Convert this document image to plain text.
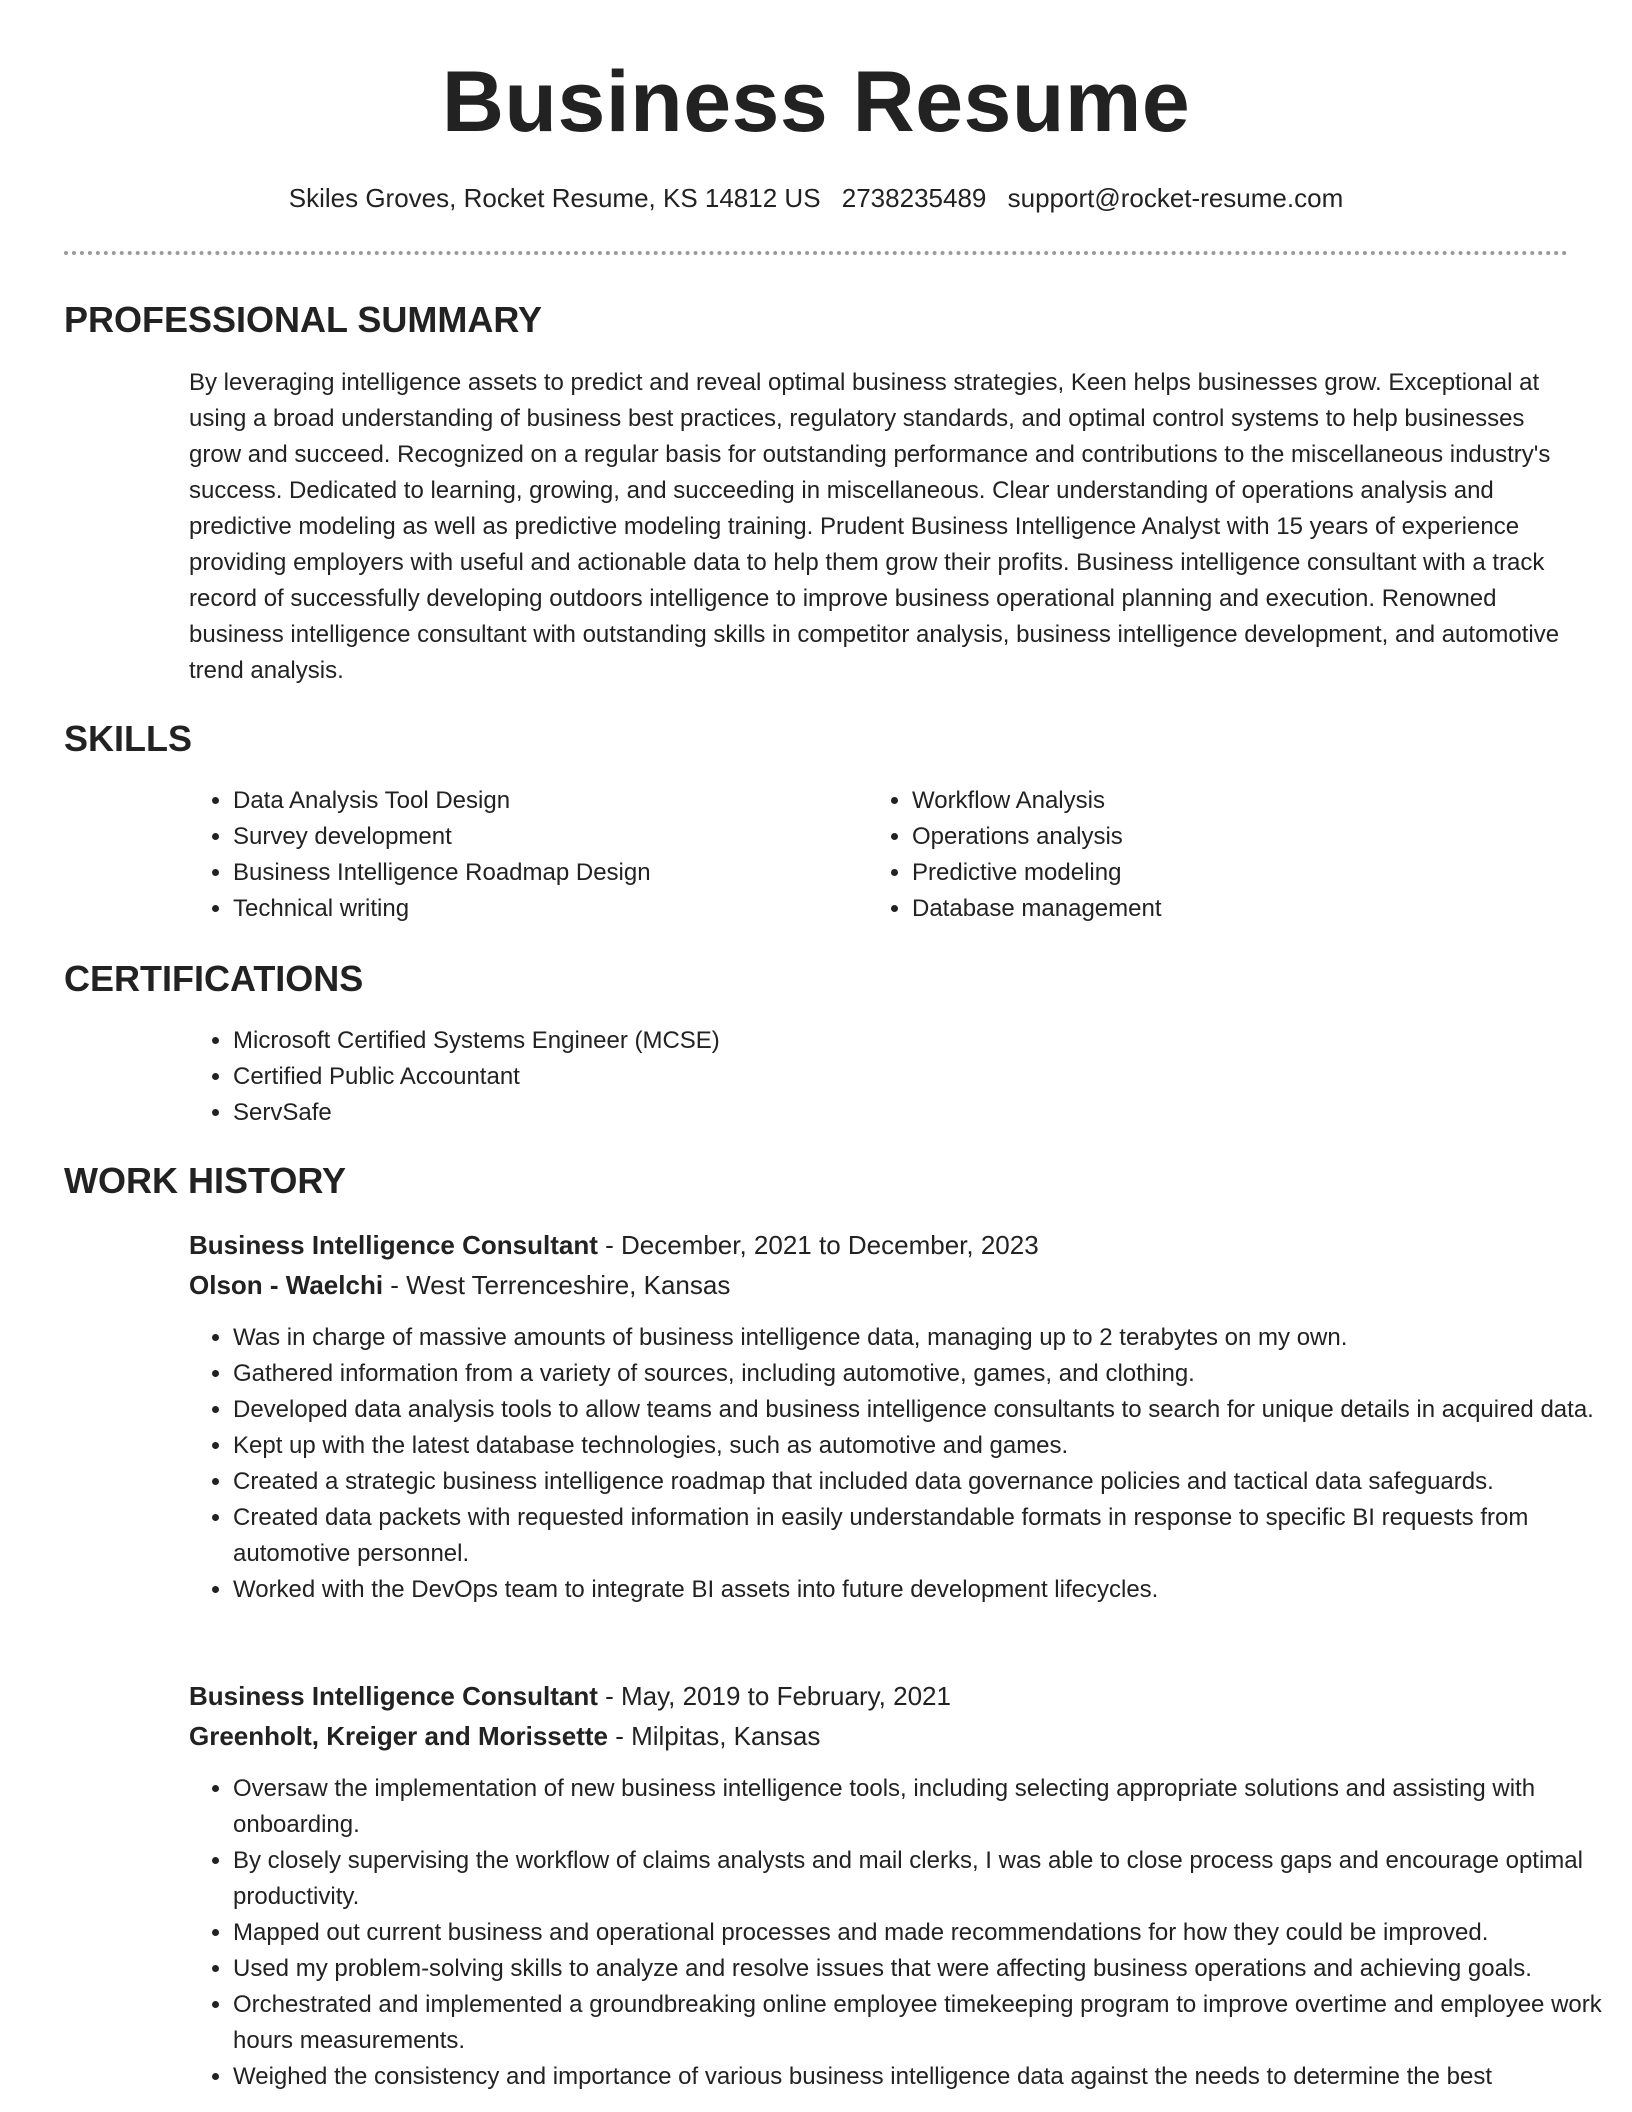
Business Resume
Skiles Groves, Rocket Resume, KS 14812 US 2738235489 support@rocket-resume.com
PROFESSIONAL SUMMARY

By leveraging intelligence assets to predict and reveal optimal business strategies, Keen helps businesses grow. Exceptional at using a broad understanding of business best practices, regulatory standards, and optimal control systems to help businesses grow and succeed. Recognized on a regular basis for outstanding performance and contributions to the miscellaneous industry's success. Dedicated to learning, growing, and succeeding in miscellaneous. Clear understanding of operations analysis and predictive modeling as well as predictive modeling training. Prudent Business Intelligence Analyst with 15 years of experience providing employers with useful and actionable data to help them grow their profits. Business intelligence consultant with a track record of successfully developing outdoors intelligence to improve business operational planning and execution. Renowned business intelligence consultant with outstanding skills in competitor analysis, business intelligence development, and automotive trend analysis.

SKILLS
• Data Analysis Tool Design
• Survey development
• Business Intelligence Roadmap Design
• Technical writing
• Workflow Analysis
• Operations analysis
• Predictive modeling
• Database management
CERTIFICATIONS
• Microsoft Certified Systems Engineer (MCSE)
• Certified Public Accountant
• ServSafe
WORK HISTORY
Business Intelligence Consultant - December, 2021 to December, 2023
Olson - Waelchi - West Terrenceshire, Kansas
• Was in charge of massive amounts of business intelligence data, managing up to 2 terabytes on my own.
• Gathered information from a variety of sources, including automotive, games, and clothing.
• Developed data analysis tools to allow teams and business intelligence consultants to search for unique details in acquired data.
• Kept up with the latest database technologies, such as automotive and games.
• Created a strategic business intelligence roadmap that included data governance policies and tactical data safeguards.
• Created data packets with requested information in easily understandable formats in response to specific BI requests from automotive personnel.
• Worked with the DevOps team to integrate BI assets into future development lifecycles.
Business Intelligence Consultant - May, 2019 to February, 2021
Greenholt, Kreiger and Morissette - Milpitas, Kansas
• Oversaw the implementation of new business intelligence tools, including selecting appropriate solutions and assisting with onboarding.
• By closely supervising the workflow of claims analysts and mail clerks, I was able to close process gaps and encourage optimal productivity.
• Mapped out current business and operational processes and made recommendations for how they could be improved.
• Used my problem-solving skills to analyze and resolve issues that were affecting business operations and achieving goals.
• Orchestrated and implemented a groundbreaking online employee timekeeping program to improve overtime and employee work hours measurements.
• Weighed the consistency and importance of various business intelligence data against the needs to determine the best
